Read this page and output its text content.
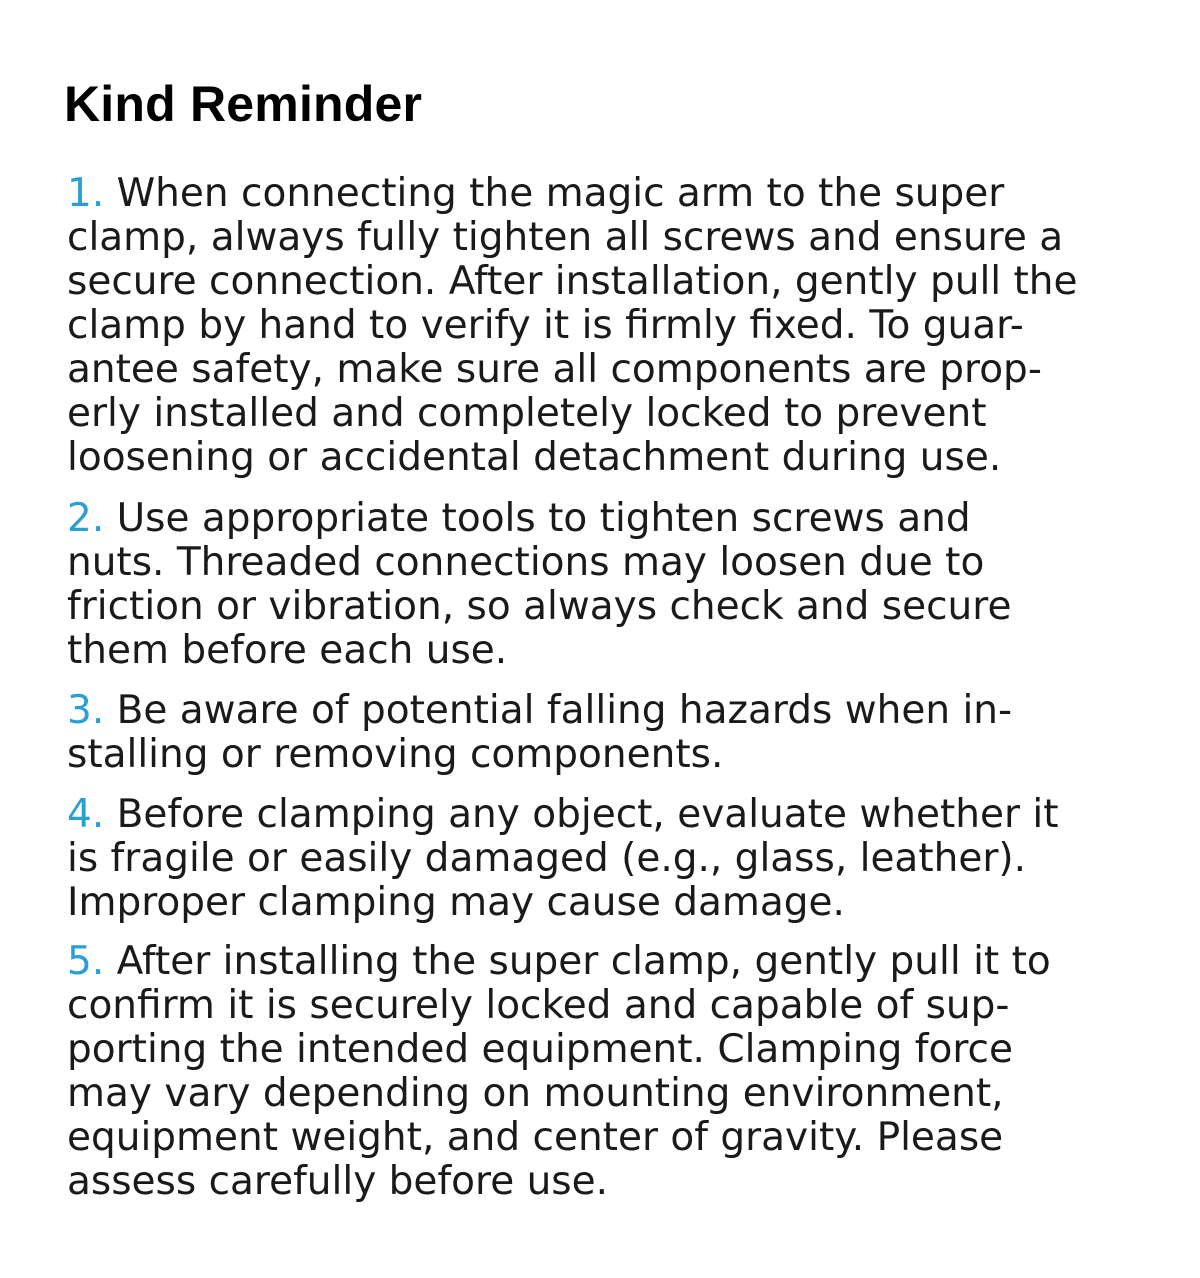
Kind Reminder
1. When connecting the magic arm to the super
clamp, always fully tighten all screws and ensure a
secure connection. After installation, gently pull the
clamp by hand to verify it is firmly fixed. To guar-
antee safety, make sure all components are prop-
erly installed and completely locked to prevent
loosening or accidental detachment during use.
2. Use appropriate tools to tighten screws and
nuts. Threaded connections may loosen due to
friction or vibration, so always check and secure
them before each use.
3. Be aware of potential falling hazards when in-
stalling or removing components.
4. Before clamping any object, evaluate whether it
is fragile or easily damaged (e.g., glass, leather).
Improper clamping may cause damage.
5. After installing the super clamp, gently pull it to
confirm it is securely locked and capable of sup-
porting the intended equipment. Clamping force
may vary depending on mounting environment,
equipment weight, and center of gravity. Please
assess carefully before use.
